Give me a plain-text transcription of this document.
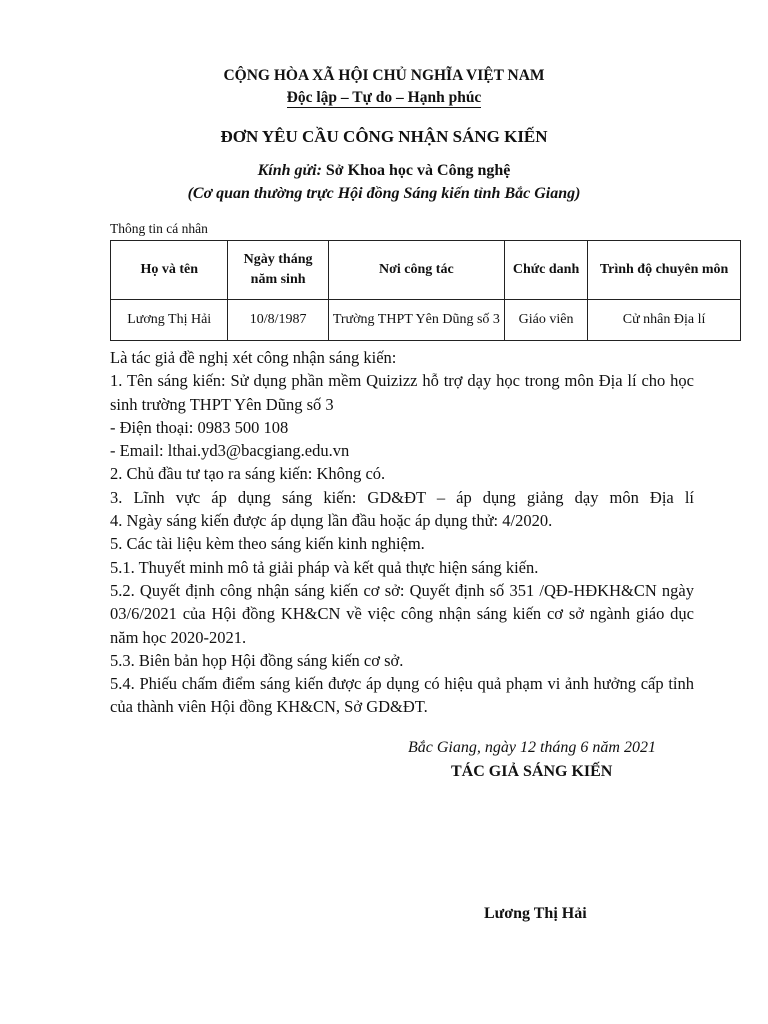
CỘNG HÒA XÃ HỘI CHỦ NGHĨA VIỆT NAM
Độc lập – Tự do – Hạnh phúc
ĐƠN YÊU CẦU CÔNG NHẬN SÁNG KIẾN
Kính gửi: Sở Khoa học và Công nghệ
(Cơ quan thường trực Hội đồng Sáng kiến tỉnh Bắc Giang)
Thông tin cá nhân
Họ và tên	Ngày tháng năm sinh	Nơi công tác	Chức danh	Trình độ chuyên môn
Lương Thị Hải	10/8/1987	Trường THPT Yên Dũng số 3	Giáo viên	Cử nhân Địa lí

Là tác giả đề nghị xét công nhận sáng kiến:

1. Tên sáng kiến: Sử dụng phần mềm Quizizz hỗ trợ dạy học trong môn Địa lí cho học sinh trường THPT Yên Dũng số 3

- Điện thoại: 0983 500 108

- Email: lthai.yd3@bacgiang.edu.vn

2. Chủ đầu tư tạo ra sáng kiến: Không có.

3. Lĩnh vực áp dụng sáng kiến: GD&ĐT – áp dụng giảng dạy môn Địa lí

4. Ngày sáng kiến được áp dụng lần đầu hoặc áp dụng thử: 4/2020.

5. Các tài liệu kèm theo sáng kiến kinh nghiệm.

5.1. Thuyết minh mô tả giải pháp và kết quả thực hiện sáng kiến.

5.2. Quyết định công nhận sáng kiến cơ sở: Quyết định số 351 /QĐ-HĐKH&CN ngày 03/6/2021 của Hội đồng KH&CN về việc công nhận sáng kiến cơ sở ngành giáo dục năm học 2020-2021.

5.3. Biên bản họp Hội đồng sáng kiến cơ sở.

5.4. Phiếu chấm điểm sáng kiến được áp dụng có hiệu quả phạm vi ảnh hưởng cấp tỉnh của thành viên Hội đồng KH&CN, Sở GD&ĐT.

Bắc Giang, ngày 12 tháng 6 năm 2021
TÁC GIẢ SÁNG KIẾN
Lương Thị Hải
